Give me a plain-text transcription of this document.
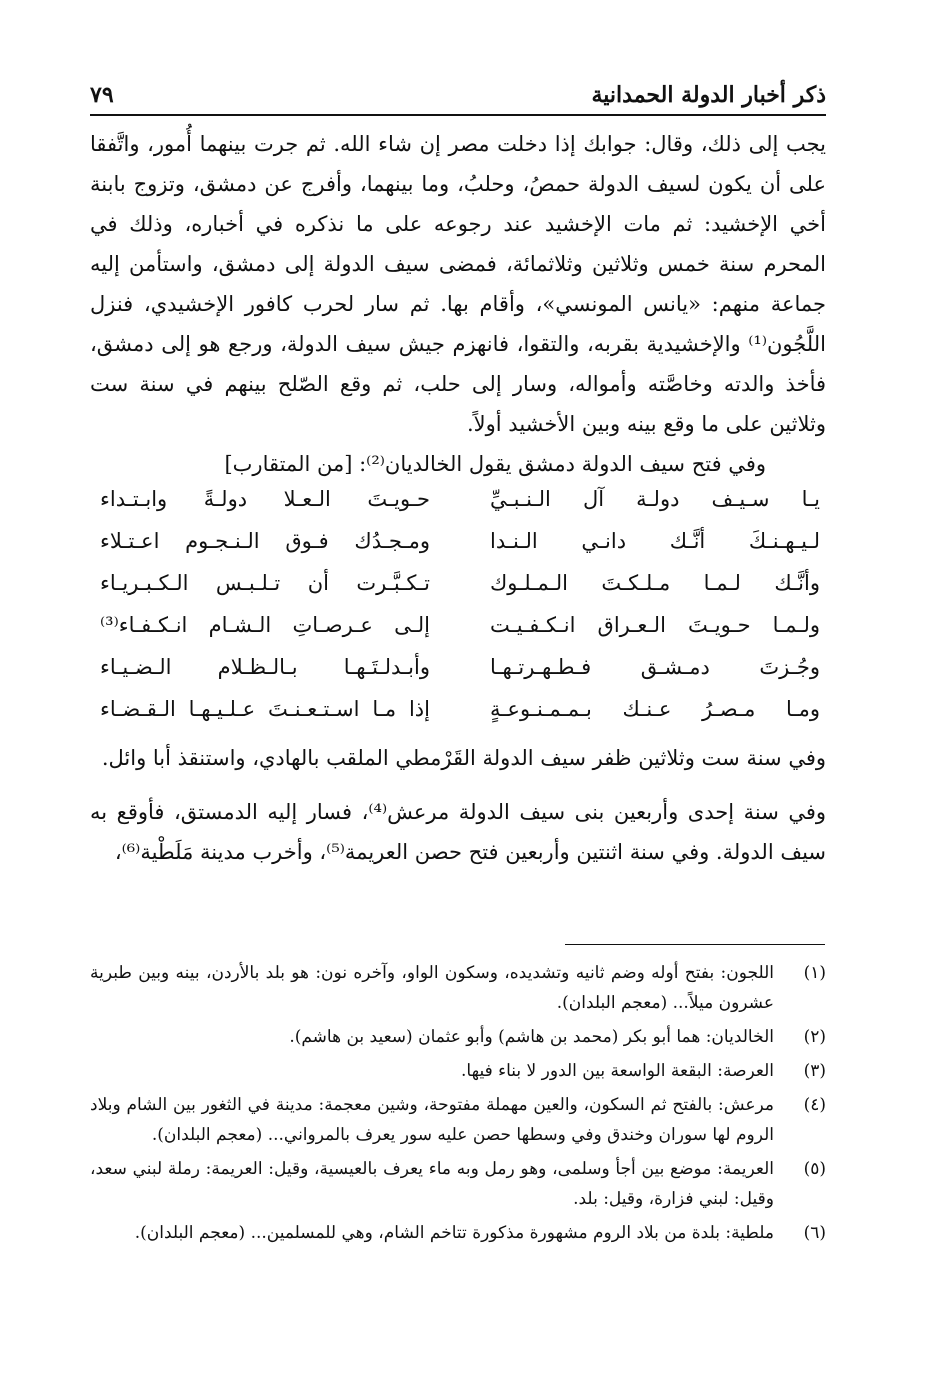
ذكر أخبار الدولة الحمدانية
٧٩

يجب إلى ذلك، وقال: جوابك إذا دخلت مصر إن شاء الله. ثم جرت بينهما أُمور، واتَّفقا على أن يكون لسيف الدولة حمصُ، وحلبُ، وما بينهما، وأفرج عن دمشق، وتزوج بابنة أخي الإخشيد: ثم مات الإخشيد عند رجوعه على ما نذكره في أخباره، وذلك في المحرم سنة خمس وثلاثين وثلاثمائة، فمضى سيف الدولة إلى دمشق، واستأمن إليه جماعة منهم: «يانس المونسي»، وأقام بها. ثم سار لحرب كافور الإخشيدي، فنزل اللَّجُون⁽¹⁾ والإخشيدية بقربه، والتقوا، فانهزم جيش سيف الدولة، ورجع هو إلى دمشق، فأخذ والدته وخاصَّته وأمواله، وسار إلى حلب، ثم وقع الصّلح بينهم في سنة ست وثلاثين على ما وقع بينه وبين الأخشيد أولاً.

وفي فتح سيف الدولة دمشق يقول الخالديان⁽²⁾: [من المتقارب]

يـا سـيـف دولـة آل الـنـبـيِّ
حـويـتَ الـعـلا دولـةً وابـتـداء
لـيـهـنـكَ أنَّـك دانـي الـنـدا
ومـجـدُك فـوق الـنـجـوم اعـتـلاء
وأنَّـك لـمـا مـلـكـتَ الـمـلـوك
تـكـبَّـرت أن تـلـبـس الـكـبـريـاء
ولـمـا حـويـتَ الـعـراق انـكـفـيـت
إلـى عـرصـاتِ الـشـام انـكـفـاء⁽³⁾
وجُـزتَ دمـشـق فـطـهـرتـهـا
وأبـدلـتَـهـا بـالـظـلام الـضـيـاء
ومـا مـصـرُ عـنـك بـمـمـنـوعـةٍ
إذا مـا اسـتـعـنـتَ عـلـيـهـا الـقـضـاء

وفي سنة ست وثلاثين ظفر سيف الدولة القَرْمطي الملقب بالهادي، واستنقذ أبا وائل.

وفي سنة إحدى وأربعين بنى سيف الدولة مرعش⁽⁴⁾، فسار إليه الدمستق، فأوقع به سيف الدولة. وفي سنة اثنتين وأربعين فتح حصن العريمة⁽⁵⁾، وأخرب مدينة مَلَطْية⁽⁶⁾،

(١)
اللجون: بفتح أوله وضم ثانيه وتشديده، وسكون الواو، وآخره نون: هو بلد بالأردن، بينه وبين طبرية عشرون ميلاً... (معجم البلدان).
(٢)
الخالديان: هما أبو بكر (محمد بن هاشم) وأبو عثمان (سعيد بن هاشم).
(٣)
العرصة: البقعة الواسعة بين الدور لا بناء فيها.
(٤)
مرعش: بالفتح ثم السكون، والعين مهملة مفتوحة، وشين معجمة: مدينة في الثغور بين الشام وبلاد الروم لها سوران وخندق وفي وسطها حصن عليه سور يعرف بالمرواني... (معجم البلدان).
(٥)
العريمة: موضع بين أجأ وسلمى، وهو رمل وبه ماء يعرف بالعيسية، وقيل: العريمة: رملة لبني سعد، وقيل: لبني فزارة، وقيل: بلد.
(٦)
ملطية: بلدة من بلاد الروم مشهورة مذكورة تتاخم الشام، وهي للمسلمين... (معجم البلدان).
